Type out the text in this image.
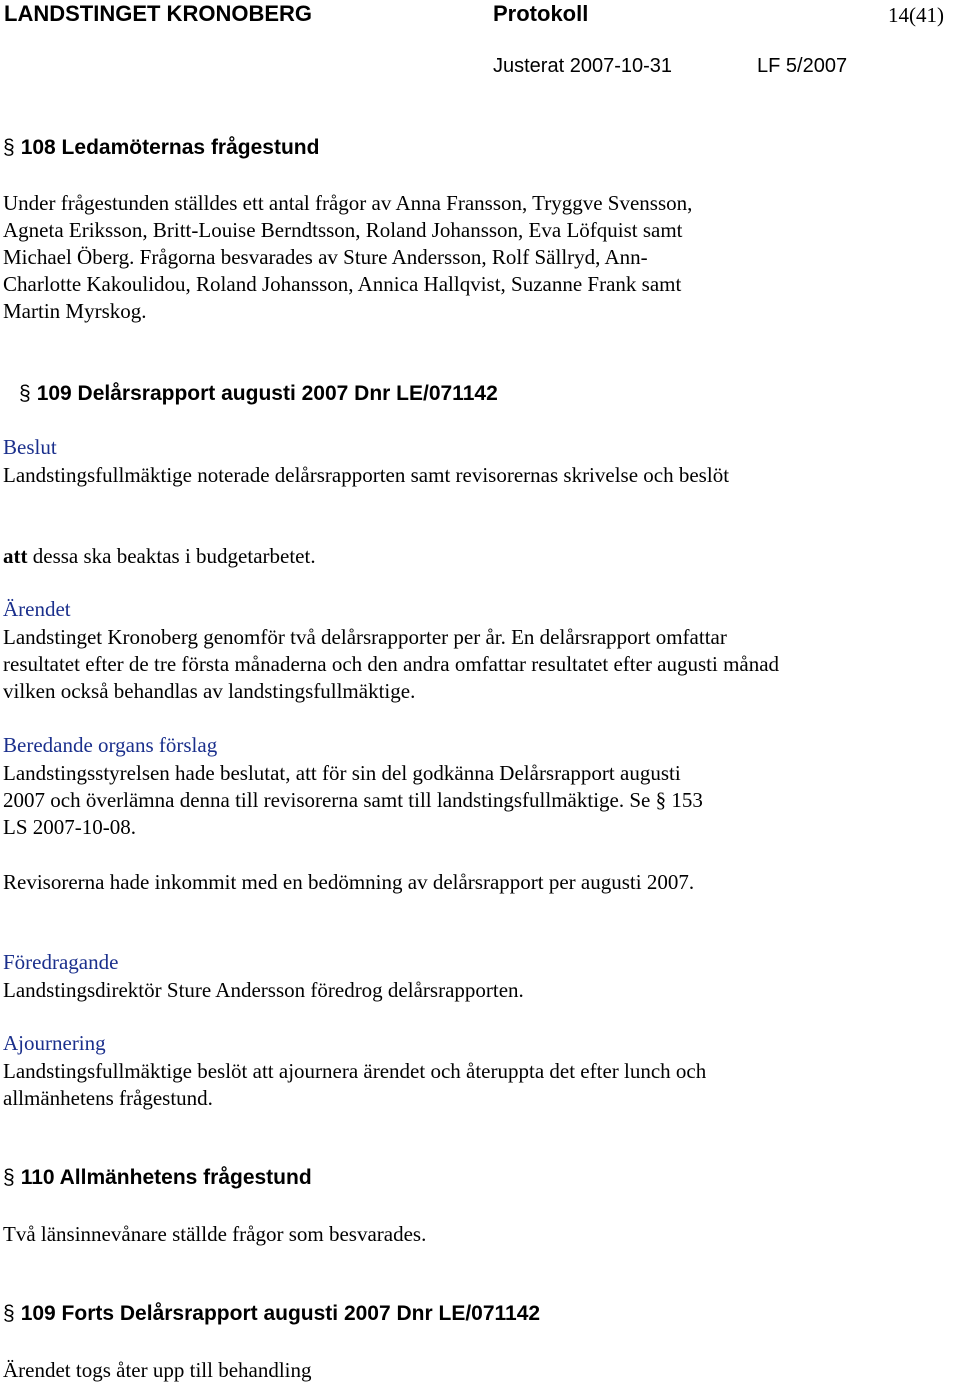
LANDSTINGET KRONOBERG	Protokoll	14(41)
Justerat 2007-10-31	LF 5/2007
§ 108 Ledamöternas frågestund
Under frågestunden ställdes ett antal frågor av Anna Fransson, Tryggve Svensson, Agneta Eriksson, Britt-Louise Berndtsson, Roland Johansson, Eva Löfquist samt Michael Öberg. Frågorna besvarades av Sture Andersson, Rolf Sällryd, Ann-Charlotte Kakoulidou, Roland Johansson, Annica Hallqvist, Suzanne Frank samt Martin Myrskog.
§ 109 Delårsrapport augusti 2007 Dnr LE/071142
Beslut
Landstingsfullmäktige noterade delårsrapporten samt revisorernas skrivelse och beslöt
att dessa ska beaktas i budgetarbetet.
Ärendet
Landstinget Kronoberg genomför två delårsrapporter per år. En delårsrapport omfattar resultatet efter de tre första månaderna och den andra omfattar resultatet efter augusti månad vilken också behandlas av landstingsfullmäktige.
Beredande organs förslag
Landstingsstyrelsen hade beslutat, att för sin del godkänna Delårsrapport augusti 2007 och överlämna denna till revisorerna samt till landstingsfullmäktige. Se § 153 LS 2007-10-08.
Revisorerna hade inkommit med en bedömning av delårsrapport per augusti 2007.
Föredragande
Landstingsdirektör Sture Andersson föredrog delårsrapporten.
Ajournering
Landstingsfullmäktige beslöt att ajournera ärendet och återuppta det efter lunch och allmänhetens frågestund.
§ 110 Allmänhetens frågestund
Två länsinnevånare ställde frågor som besvarades.
§ 109 Forts Delårsrapport augusti 2007 Dnr LE/071142
Ärendet togs åter upp till behandling
